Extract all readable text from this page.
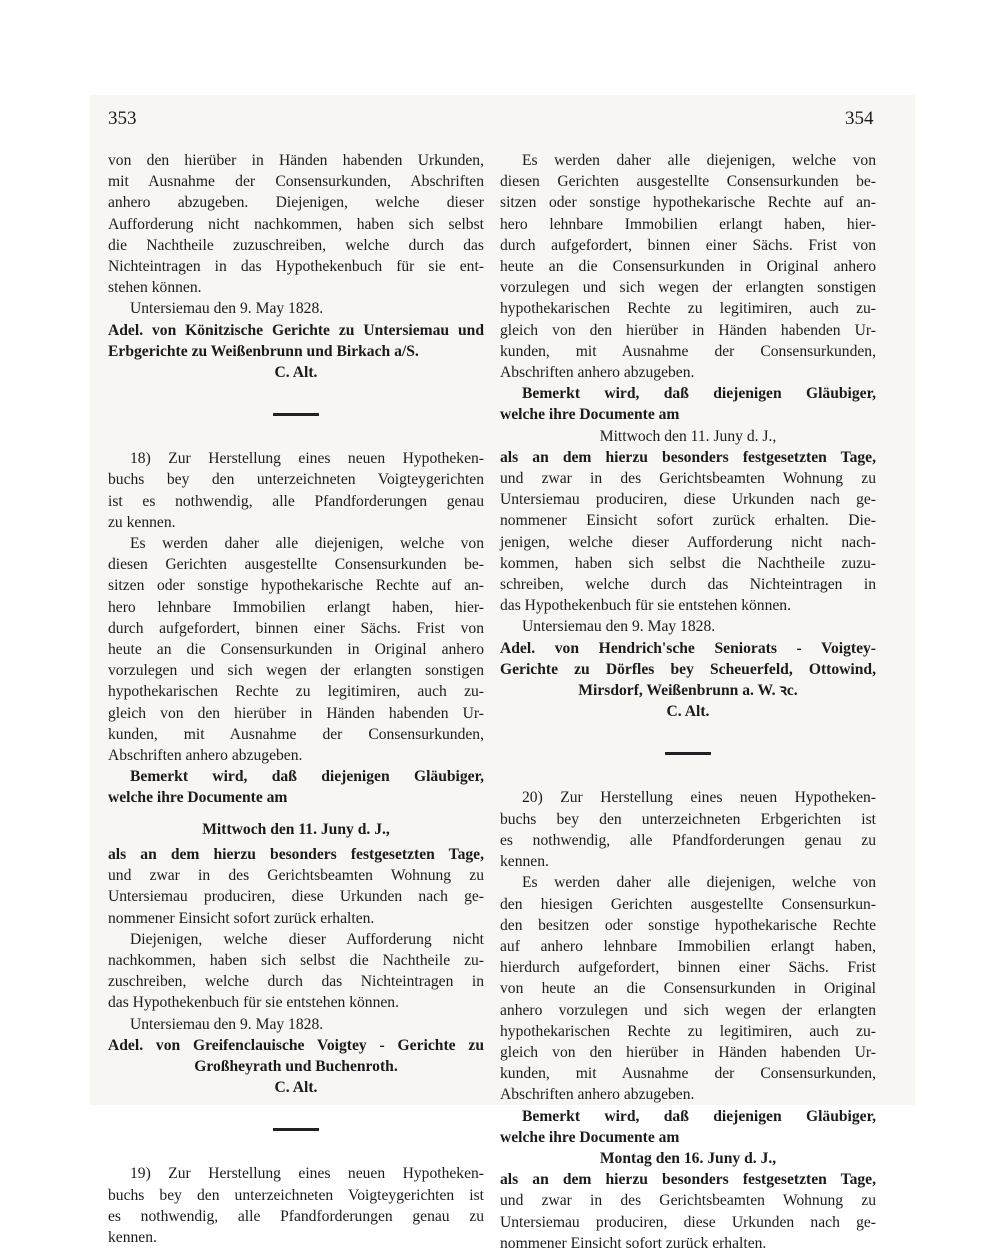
353	354
von den hierüber in Händen habenden Urkunden,
mit Ausnahme der Consensurkunden, Abschriften
anhero abzugeben. Diejenigen, welche dieser
Aufforderung nicht nachkommen, haben sich selbst
die Nachtheile zuzuschreiben, welche durch das
Nichteintragen in das Hypothekenbuch für sie ent-
stehen können.
Untersiemau den 9. May 1828.
Adel. von Könitzische Gerichte zu Untersiemau und
Erbgerichte zu Weißenbrunn und Birkach a/S.
C. Alt.
18) Zur Herstellung eines neuen Hypotheken-
buchs bey den unterzeichneten Voigteygerichten
ist es nothwendig, alle Pfandforderungen genau
zu kennen.
Es werden daher alle diejenigen, welche von
diesen Gerichten ausgestellte Consensurkunden be-
sitzen oder sonstige hypothekarische Rechte auf an-
hero lehnbare Immobilien erlangt haben, hier-
durch aufgefordert, binnen einer Sächs. Frist von
heute an die Consensurkunden in Original anhero
vorzulegen und sich wegen der erlangten sonstigen
hypothekarischen Rechte zu legitimiren, auch zu-
gleich von den hierüber in Händen habenden Ur-
kunden, mit Ausnahme der Consensurkunden,
Abschriften anhero abzugeben.
Bemerkt wird, daß diejenigen Gläubiger,
welche ihre Documente am
Mittwoch den 11. Juny d. J.,
als an dem hierzu besonders festgesetzten Tage,
und zwar in des Gerichtsbeamten Wohnung zu
Untersiemau produciren, diese Urkunden nach ge-
nommener Einsicht sofort zurück erhalten.
Diejenigen, welche dieser Aufforderung nicht
nachkommen, haben sich selbst die Nachtheile zu-
zuschreiben, welche durch das Nichteintragen in
das Hypothekenbuch für sie entstehen können.
Untersiemau den 9. May 1828.
Adel. von Greifenclauische Voigtey - Gerichte zu
Großheyrath und Buchenroth.
C. Alt.
19) Zur Herstellung eines neuen Hypotheken-
buchs bey den unterzeichneten Voigteygerichten ist
es nothwendig, alle Pfandforderungen genau zu
kennen.
Es werden daher alle diejenigen, welche von
diesen Gerichten ausgestellte Consensurkunden be-
sitzen oder sonstige hypothekarische Rechte auf an-
hero lehnbare Immobilien erlangt haben, hier-
durch aufgefordert, binnen einer Sächs. Frist von
heute an die Consensurkunden in Original anhero
vorzulegen und sich wegen der erlangten sonstigen
hypothekarischen Rechte zu legitimiren, auch zu-
gleich von den hierüber in Händen habenden Ur-
kunden, mit Ausnahme der Consensurkunden,
Abschriften anhero abzugeben.
Bemerkt wird, daß diejenigen Gläubiger,
welche ihre Documente am
Mittwoch den 11. Juny d. J.,
als an dem hierzu besonders festgesetzten Tage,
und zwar in des Gerichtsbeamten Wohnung zu
Untersiemau produciren, diese Urkunden nach ge-
nommener Einsicht sofort zurück erhalten. Die-
jenigen, welche dieser Aufforderung nicht nach-
kommen, haben sich selbst die Nachtheile zuzu-
schreiben, welche durch das Nichteintragen in
das Hypothekenbuch für sie entstehen können.
Untersiemau den 9. May 1828.
Adel. von Hendrich'sche Seniorats - Voigtey-
Gerichte zu Dörfles bey Scheuerfeld, Ottowind,
Mirsdorf, Weißenbrunn a. W. ꝛc.
C. Alt.
20) Zur Herstellung eines neuen Hypotheken-
buchs bey den unterzeichneten Erbgerichten ist
es nothwendig, alle Pfandforderungen genau zu
kennen.
Es werden daher alle diejenigen, welche von
den hiesigen Gerichten ausgestellte Consensurkun-
den besitzen oder sonstige hypothekarische Rechte
auf anhero lehnbare Immobilien erlangt haben,
hierdurch aufgefordert, binnen einer Sächs. Frist
von heute an die Consensurkunden in Original
anhero vorzulegen und sich wegen der erlangten
hypothekarischen Rechte zu legitimiren, auch zu-
gleich von den hierüber in Händen habenden Ur-
kunden, mit Ausnahme der Consensurkunden,
Abschriften anhero abzugeben.
Bemerkt wird, daß diejenigen Gläubiger,
welche ihre Documente am
Montag den 16. Juny d. J.,
als an dem hierzu besonders festgesetzten Tage,
und zwar in des Gerichtsbeamten Wohnung zu
Untersiemau produciren, diese Urkunden nach ge-
nommener Einsicht sofort zurück erhalten.
